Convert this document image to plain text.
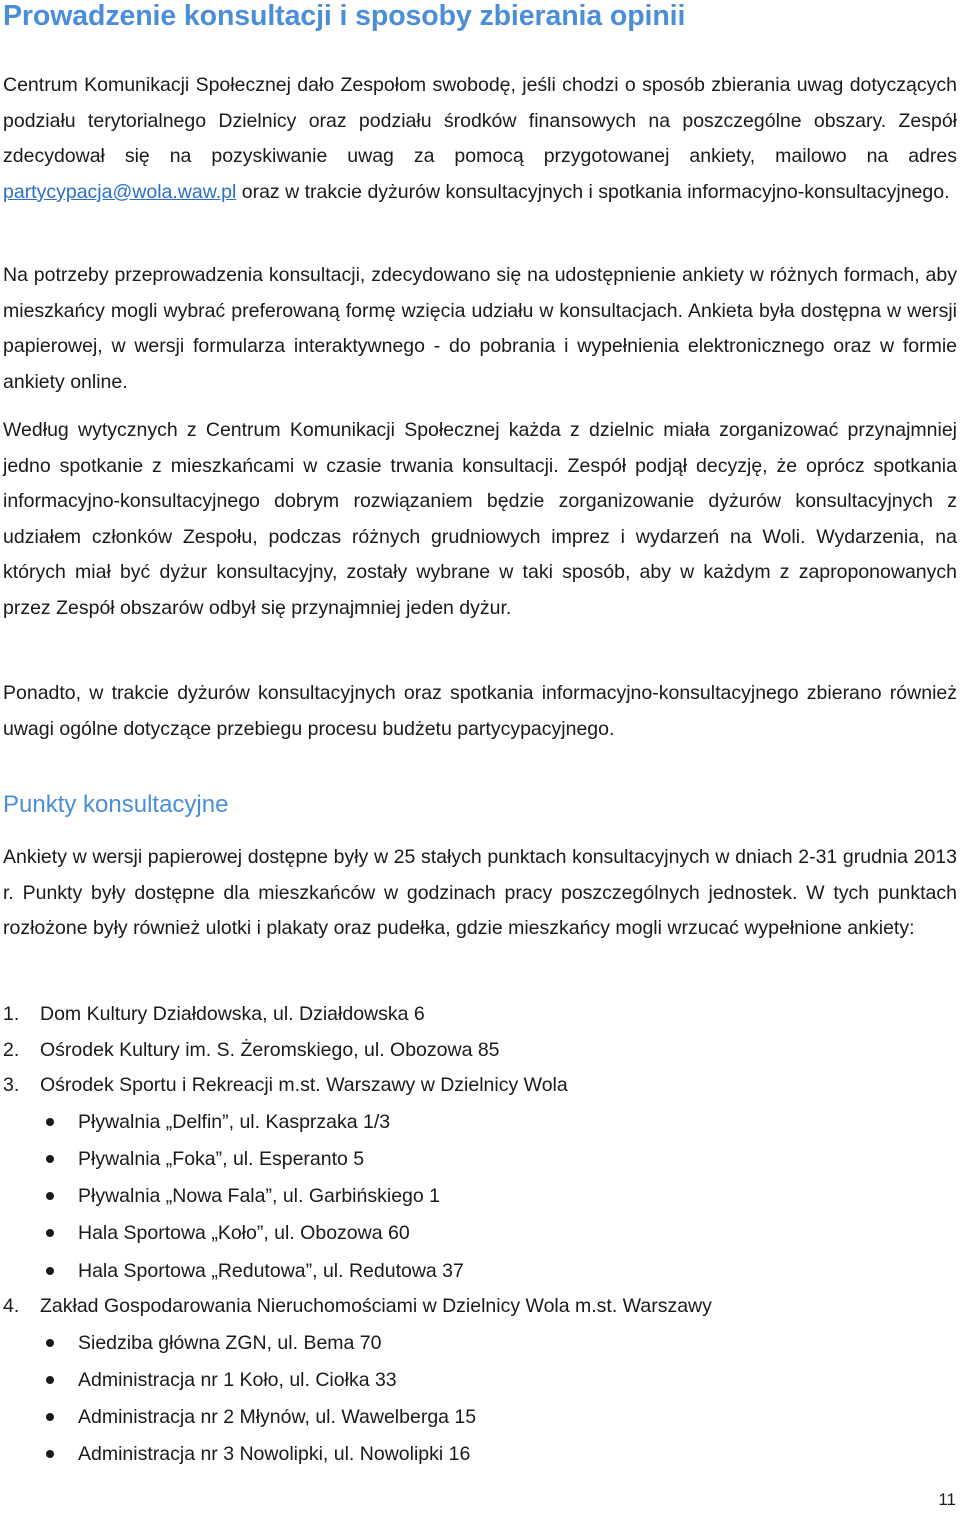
Prowadzenie konsultacji i sposoby zbierania opinii

Centrum Komunikacji Społecznej dało Zespołom swobodę, jeśli chodzi o sposób zbierania uwag dotyczących podziału terytorialnego Dzielnicy oraz podziału środków finansowych na poszczególne obszary. Zespół zdecydował się na pozyskiwanie uwag za pomocą przygotowanej ankiety, mailowo na adres partycypacja@wola.waw.pl oraz w trakcie dyżurów konsultacyjnych i spotkania informacyjno-konsultacyjnego.

Na potrzeby przeprowadzenia konsultacji, zdecydowano się na udostępnienie ankiety w różnych formach, aby mieszkańcy mogli wybrać preferowaną formę wzięcia udziału w konsultacjach. Ankieta była dostępna w wersji papierowej, w wersji formularza interaktywnego - do pobrania i wypełnienia elektronicznego oraz w formie ankiety online.

Według wytycznych z Centrum Komunikacji Społecznej każda z dzielnic miała zorganizować przynajmniej jedno spotkanie z mieszkańcami w czasie trwania konsultacji. Zespół podjął decyzję, że oprócz spotkania informacyjno-konsultacyjnego dobrym rozwiązaniem będzie zorganizowanie dyżurów konsultacyjnych z udziałem członków Zespołu, podczas różnych grudniowych imprez i wydarzeń na Woli. Wydarzenia, na których miał być dyżur konsultacyjny, zostały wybrane w taki sposób, aby w każdym z zaproponowanych przez Zespół obszarów odbył się przynajmniej jeden dyżur.

Ponadto, w trakcie dyżurów konsultacyjnych oraz spotkania informacyjno-konsultacyjnego zbierano również uwagi ogólne dotyczące przebiegu procesu budżetu partycypacyjnego.

Punkty konsultacyjne

Ankiety w wersji papierowej dostępne były w 25 stałych punktach konsultacyjnych w dniach 2-31 grudnia 2013 r. Punkty były dostępne dla mieszkańców w godzinach pracy poszczególnych jednostek. W tych punktach rozłożone były również ulotki i plakaty oraz pudełka, gdzie mieszkańcy mogli wrzucać wypełnione ankiety:

1. Dom Kultury Działdowska, ul. Działdowska 6
2. Ośrodek Kultury im. S. Żeromskiego, ul. Obozowa 85
3. Ośrodek Sportu i Rekreacji m.st. Warszawy w Dzielnicy Wola
Pływalnia „Delfin”, ul. Kasprzaka 1/3
Pływalnia „Foka”, ul. Esperanto 5
Pływalnia „Nowa Fala”, ul. Garbińskiego 1
Hala Sportowa „Koło”, ul. Obozowa 60
Hala Sportowa „Redutowa”, ul. Redutowa 37
4. Zakład Gospodarowania Nieruchomościami w Dzielnicy Wola m.st. Warszawy
Siedziba główna ZGN, ul. Bema 70
Administracja nr 1 Koło, ul. Ciołka 33
Administracja nr 2 Młynów, ul. Wawelberga 15
Administracja nr 3 Nowolipki, ul. Nowolipki 16
11
